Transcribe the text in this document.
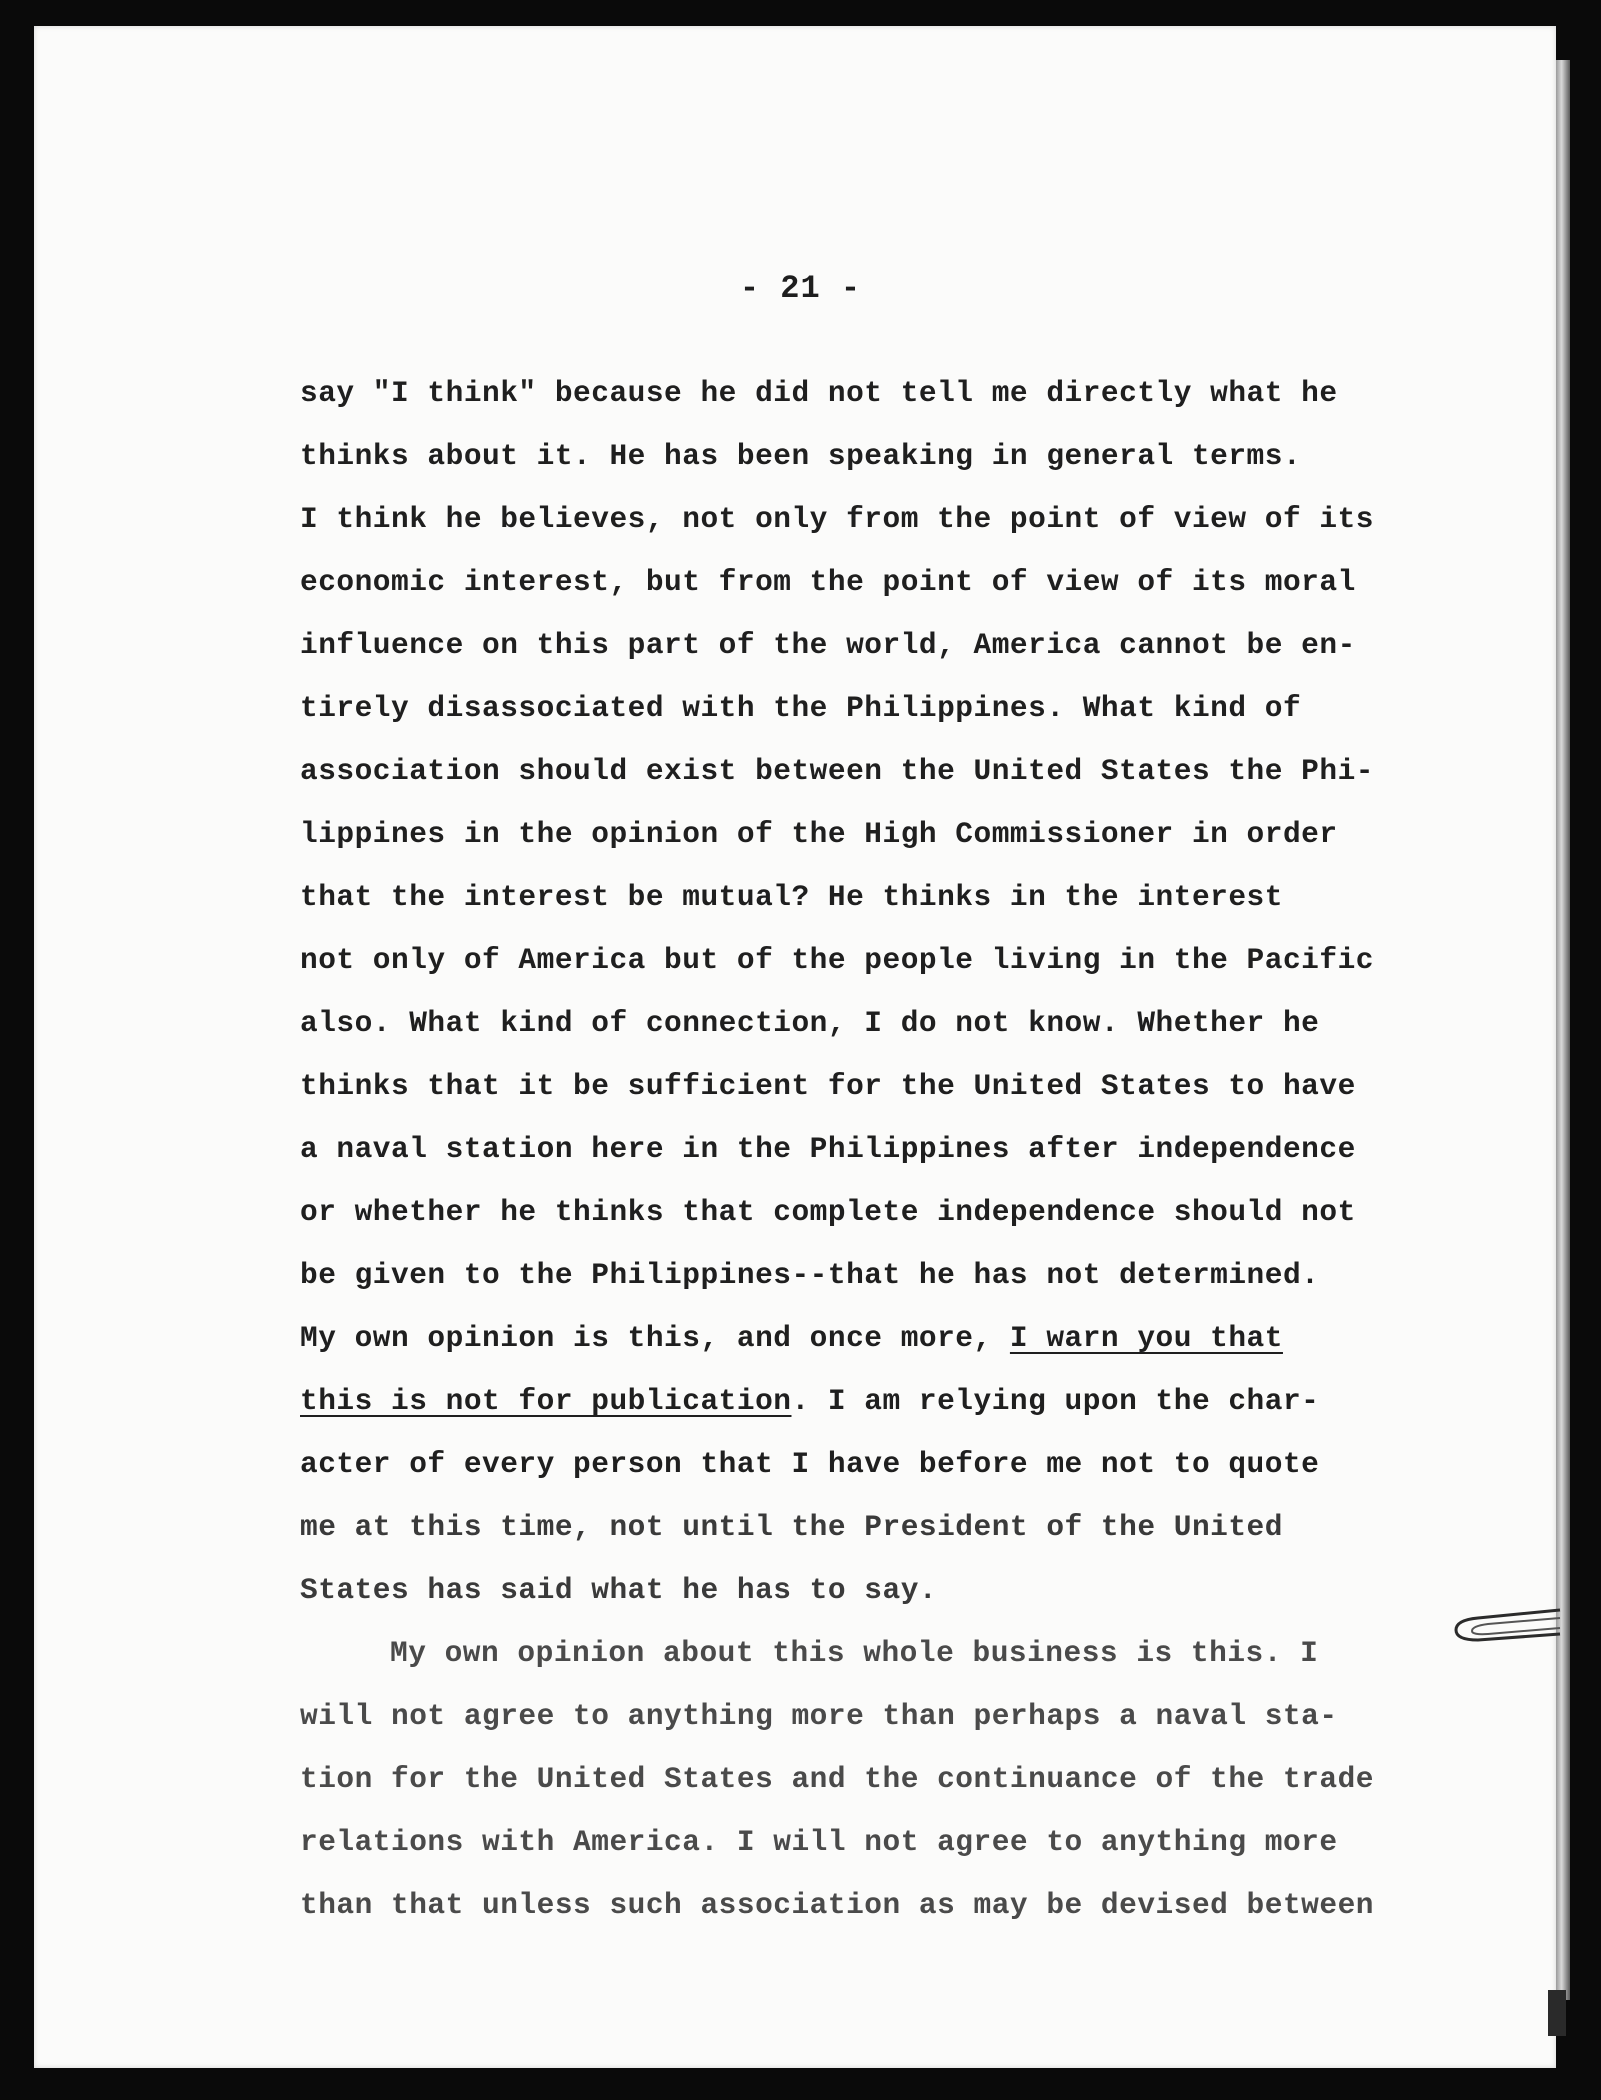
- 21 -
say "I think" because he did not tell me directly what he
thinks about it. He has been speaking in general terms.
I think he believes, not only from the point of view of its
economic interest, but from the point of view of its moral
influence on this part of the world, America cannot be en-
tirely disassociated with the Philippines. What kind of
association should exist between the United States the Phi-
lippines in the opinion of the High Commissioner in order
that the interest be mutual? He thinks in the interest
not only of America but of the people living in the Pacific
also. What kind of connection, I do not know. Whether he
thinks that it be sufficient for the United States to have
a naval station here in the Philippines after independence
or whether he thinks that complete independence should not
be given to the Philippines--that he has not determined.
My own opinion is this, and once more, I warn you that
this is not for publication. I am relying upon the char-
acter of every person that I have before me not to quote
me at this time, not until the President of the United
States has said what he has to say.
My own opinion about this whole business is this. I
will not agree to anything more than perhaps a naval sta-
tion for the United States and the continuance of the trade
relations with America. I will not agree to anything more
than that unless such association as may be devised between
